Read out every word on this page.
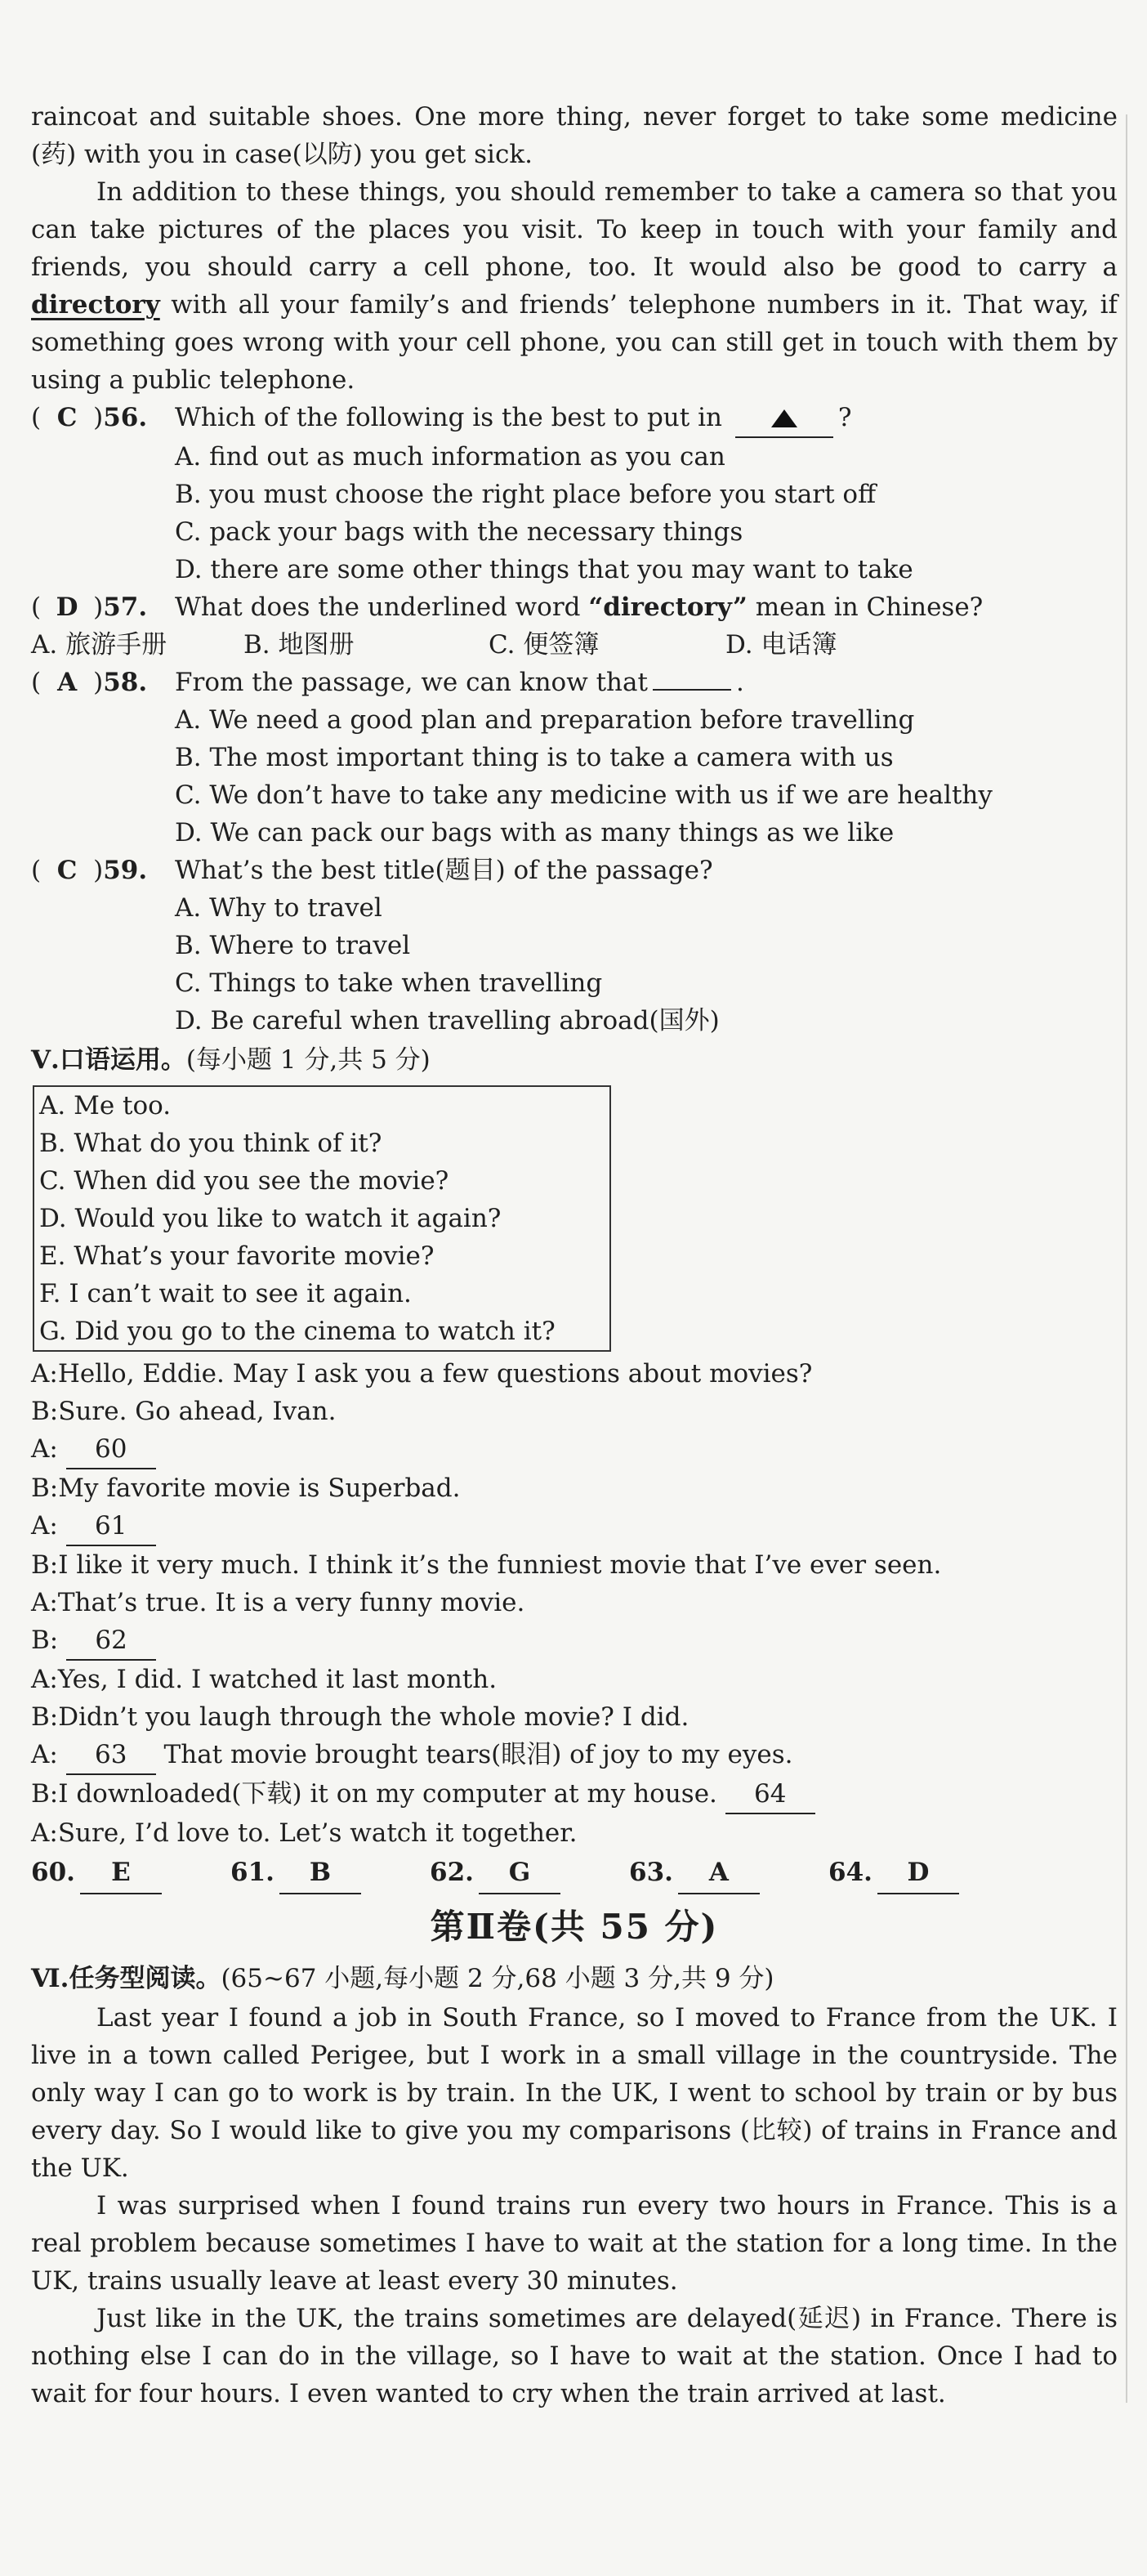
raincoat and suitable shoes. One more thing, never forget to take some medicine (药) with you in case(以防) you get sick.

In addition to these things, you should remember to take a camera so that you can take pictures of the places you visit. To keep in touch with your family and friends, you should carry a cell phone, too. It would also be good to carry a directory with all your family’s and friends’ telephone numbers in it. That way, if something goes wrong with your cell phone, you can still get in touch with them by using a public telephone.

( C )56.	Which of the following is the best to put in	?
A. find out as much information as you can
B. you must choose the right place before you start off
C. pack your bags with the necessary things
D. there are some other things that you may want to take
( D )57.	What does the underlined word “directory” mean in Chinese?
A. 旅游手册	B. 地图册	C. 便签簿	D. 电话簿
( A )58.	From the passage, we can know that	.
A. We need a good plan and preparation before travelling
B. The most important thing is to take a camera with us
C. We don’t have to take any medicine with us if we are healthy
D. We can pack our bags with as many things as we like
( C )59.	What’s the best title(题目) of the passage?
A. Why to travel
B. Where to travel
C. Things to take when travelling
D. Be careful when travelling abroad(国外)

Ⅴ.口语运用。(每小题 1 分,共 5 分)

A. Me too.
B. What do you think of it?
C. When did you see the movie?
D. Would you like to watch it again?
E. What’s your favorite movie?
F. I can’t wait to see it again.
G. Did you go to the cinema to watch it?

A:Hello, Eddie. May I ask you a few questions about movies?

B:Sure. Go ahead, Ivan.

A: 60

B:My favorite movie is Superbad.

A: 61

B:I like it very much. I think it’s the funniest movie that I’ve ever seen.

A:That’s true. It is a very funny movie.

B: 62

A:Yes, I did. I watched it last month.

B:Didn’t you laugh through the whole movie? I did.

A: 63 That movie brought tears(眼泪) of joy to my eyes.

B:I downloaded(下载) it on my computer at my house. 64

A:Sure, I’d love to. Let’s watch it together.

60. E	61. B	62. G	63. A	64. D
第Ⅱ卷(共 55 分)

Ⅵ.任务型阅读。(65~67 小题,每小题 2 分,68 小题 3 分,共 9 分)

Last year I found a job in South France, so I moved to France from the UK. I live in a town called Perigee, but I work in a small village in the countryside. The only way I can go to work is by train. In the UK, I went to school by train or by bus every day. So I would like to give you my comparisons (比较) of trains in France and the UK.

I was surprised when I found trains run every two hours in France. This is a real problem because sometimes I have to wait at the station for a long time. In the UK, trains usually leave at least every 30 minutes.

Just like in the UK, the trains sometimes are delayed(延迟) in France. There is nothing else I can do in the village, so I have to wait at the station. Once I had to wait for four hours. I even wanted to cry when the train arrived at last.
